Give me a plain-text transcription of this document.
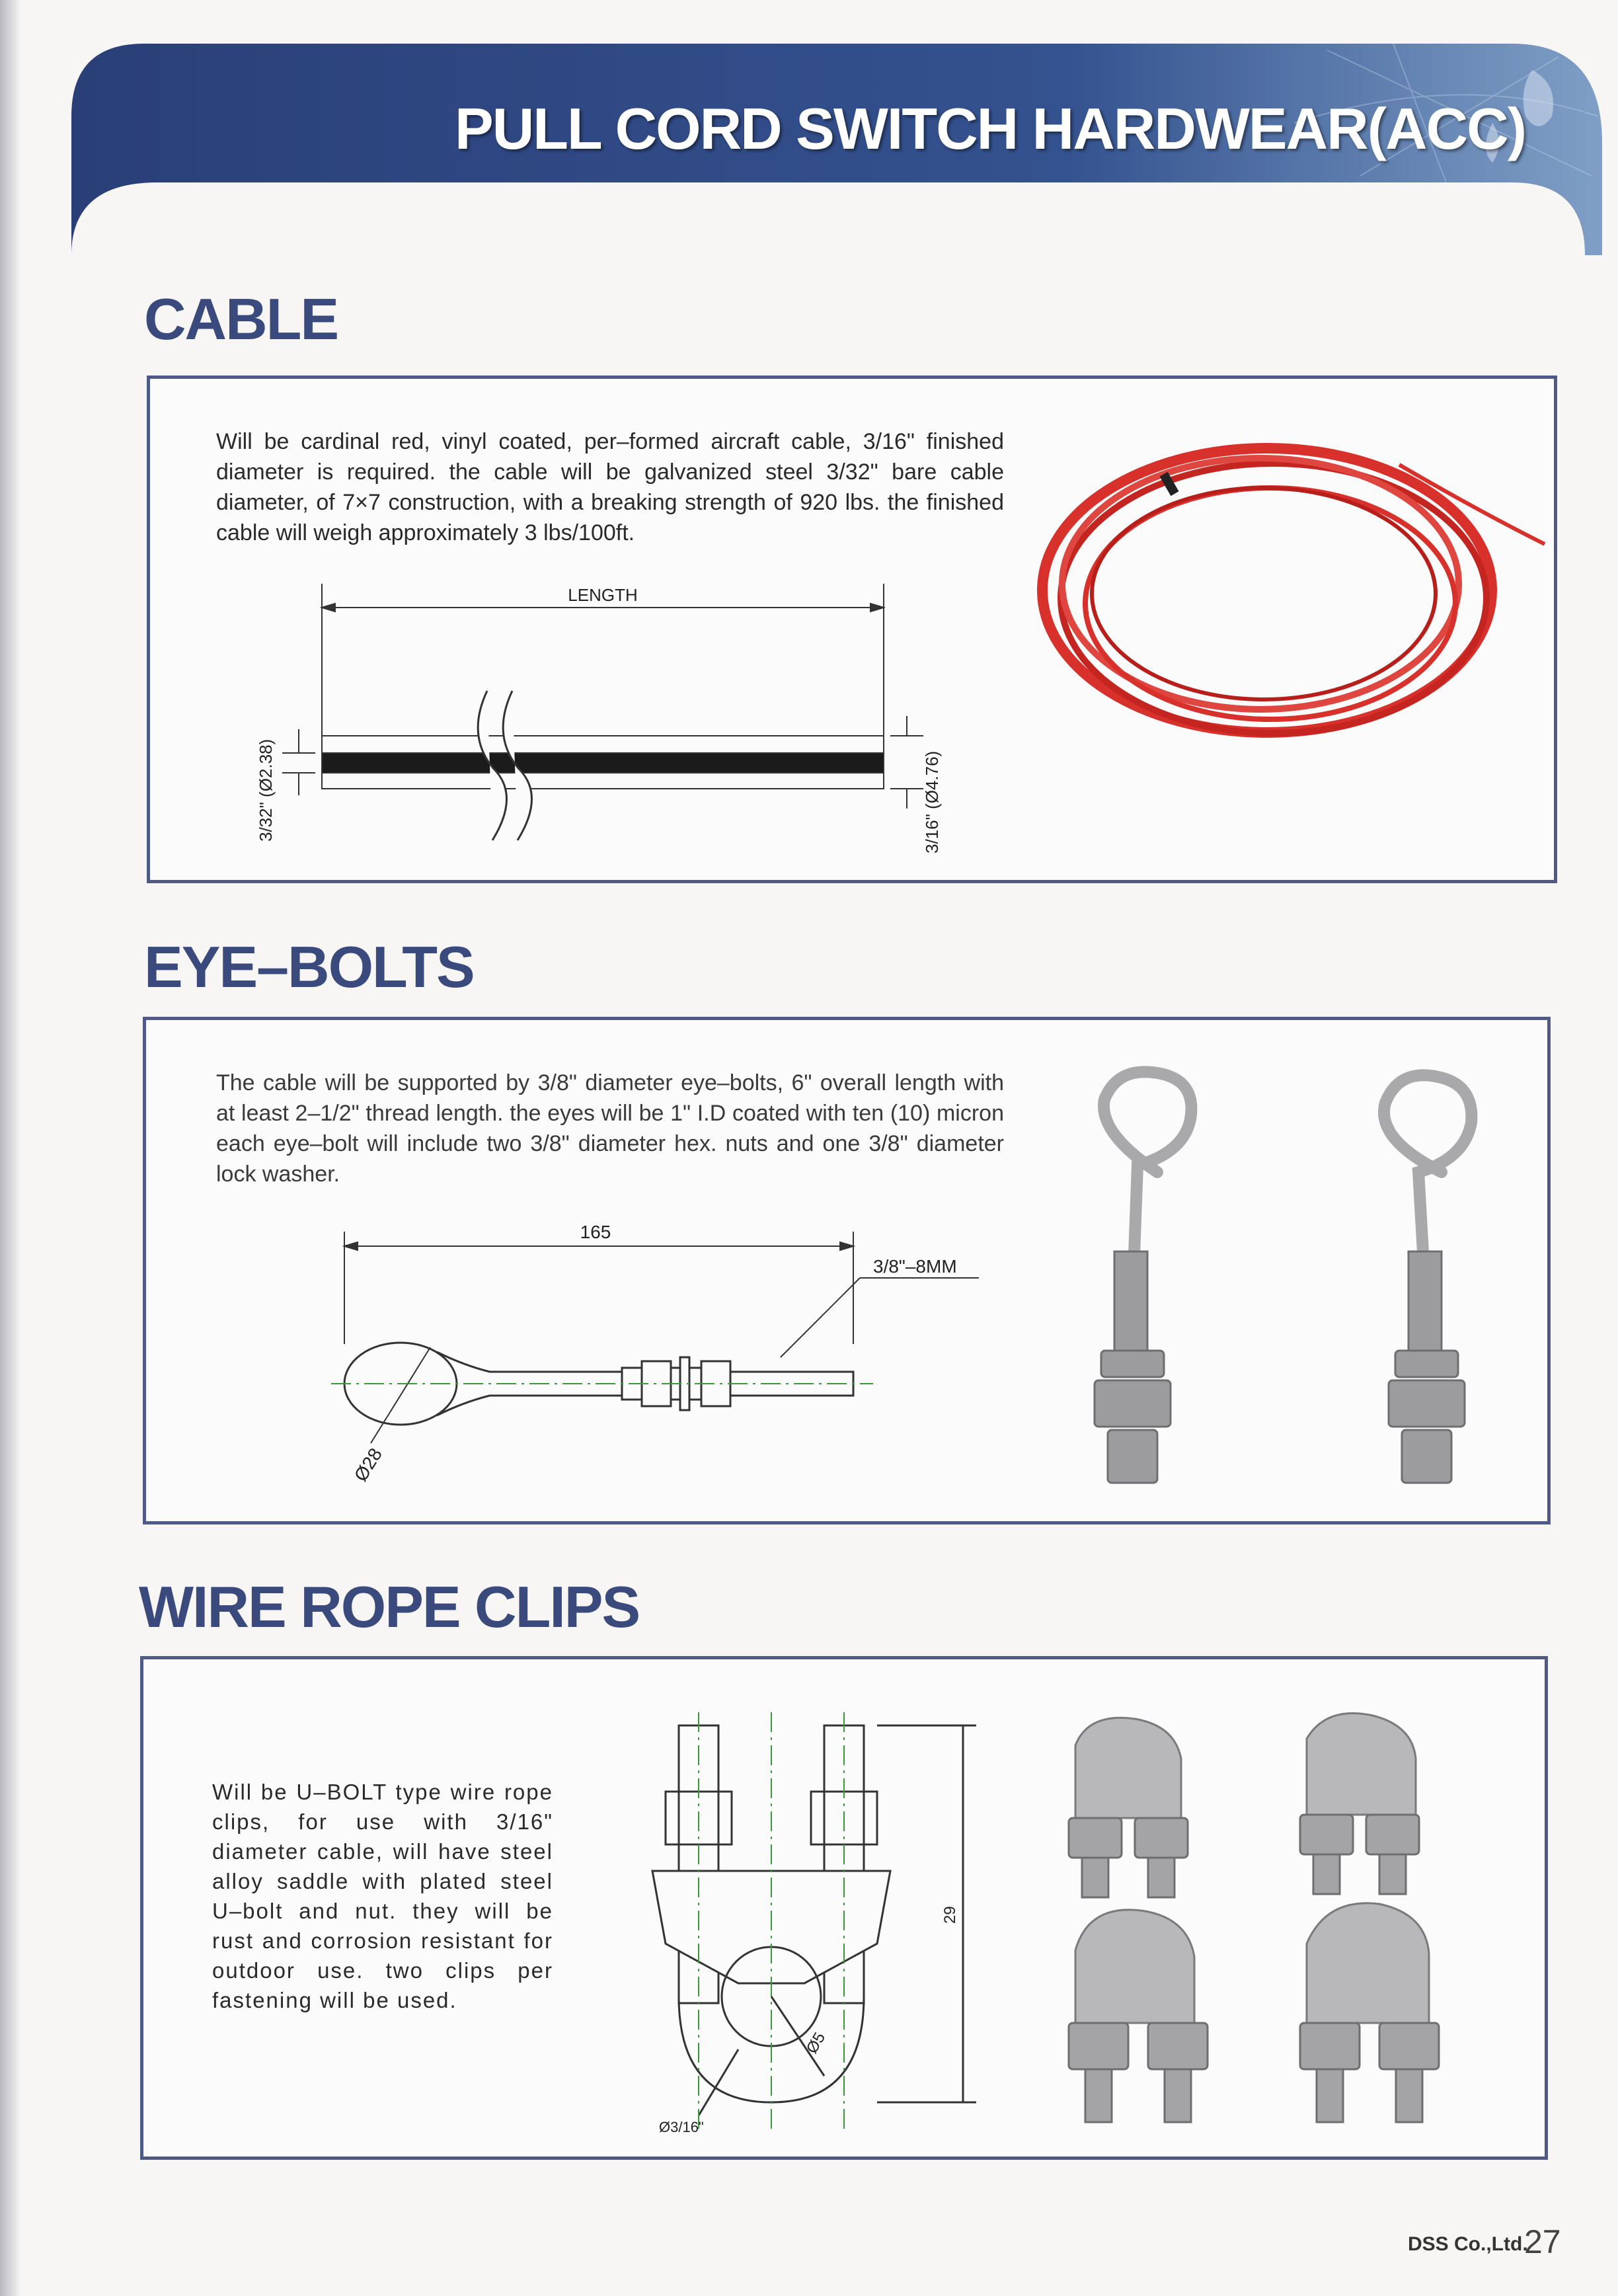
PULL CORD SWITCH HARDWEAR(ACC)
CABLE

Will be cardinal red, vinyl coated, per–formed aircraft cable, 3/16" finished diameter is required. the cable will be galvanized steel 3/32" bare cable diameter, of 7×7 construction, with a breaking strength of 920 lbs. the finished cable will weigh approximately 3 lbs/100ft.

LENGTH
3/32" (Ø2.38)	3/16" (Ø4.76)
EYE–BOLTS

The cable will be supported by 3/8" diameter eye–bolts, 6" overall length with at least 2–1/2" thread length. the eyes will be 1" I.D coated with ten (10) micron each eye–bolt will include two 3/8" diameter hex. nuts and one 3/8" diameter lock washer.

165
3/8"–8MM
Ø28
WIRE ROPE CLIPS

Will be U–BOLT type wire rope clips, for use with 3/16" diameter cable, will have steel alloy saddle with plated steel U–bolt and nut. they will be rust and corrosion resistant for outdoor use. two clips per fastening will be used.

29
Ø5
Ø3/16"
DSS Co.,Ltd.
27
